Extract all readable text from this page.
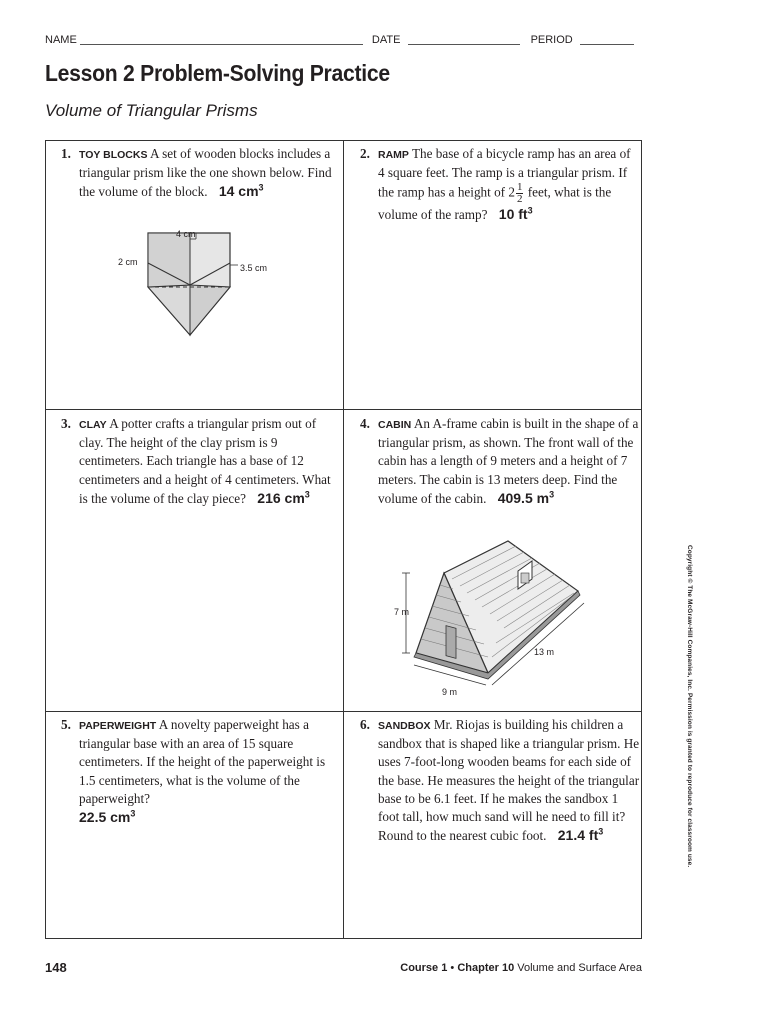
NAME	DATE	PERIOD
Lesson 2 Problem-Solving Practice
Volume of Triangular Prisms
1. TOY BLOCKS A set of wooden blocks includes a triangular prism like the one shown below. Find the volume of the block. 14 $cm^3$
4 cm
2 cm
3.5 cm
2. RAMP The base of a bicycle ramp has an area of 4 square feet. The ramp is a triangular prism. If the ramp has a height of $2 \frac{1}{2}$ feet, what is the volume of the ramp? 10 $ft^3$
3. CLAY A potter crafts a triangular prism out of clay. The height of the clay prism is 9 centimeters. Each triangle has a base of 12 centimeters and a height of 4 centimeters. What is the volume of the clay piece? 216 $cm^3$
4. CABIN An A-frame cabin is built in the shape of a triangular prism, as shown. The front wall of the cabin has a length of 9 meters and a height of 7 meters. The cabin is 13 meters deep. Find the volume of the cabin. 409.5 $m^3$
7 m
13 m
9 m
5. PAPERWEIGHT A novelty paperweight has a triangular base with an area of 15 square centimeters. If the height of the paperweight is 1.5 centimeters, what is the volume of the paperweight?
22.5 $cm^3$
6. SANDBOX Mr. Riojas is building his children a sandbox that is shaped like a triangular prism. He uses 7-foot-long wooden beams for each side of the base. He measures the height of the triangular base to be 6.1 feet. If he makes the sandbox 1 foot tall, how much sand will he need to fill it? Round to the nearest cubic foot. 21.4 $ft^3$	Copyright © The McGraw-Hill Companies, Inc. Permission is granted to reproduce for classroom use.
148	Course 1 • Chapter 10 Volume and Surface Area
